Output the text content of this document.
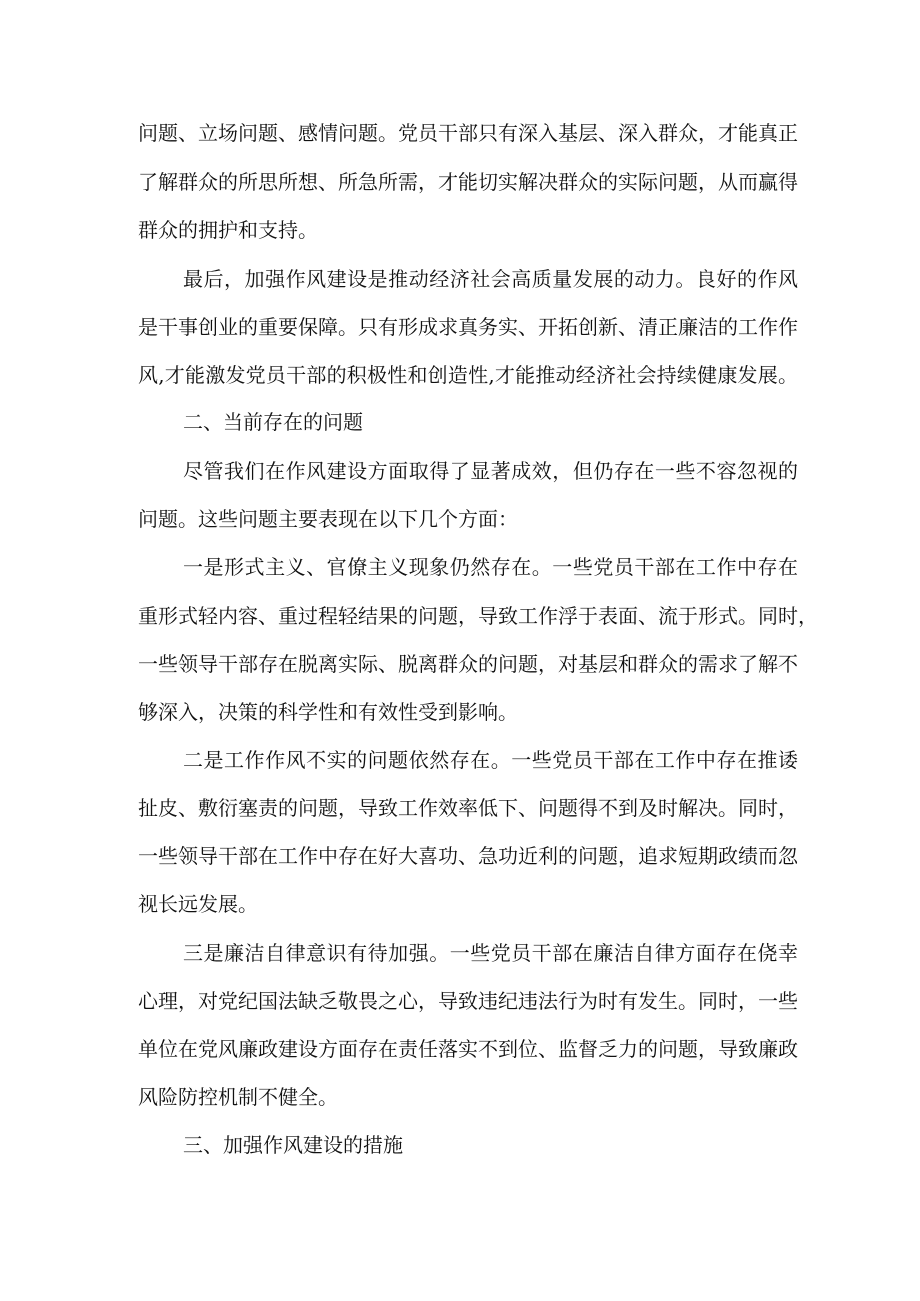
问题、立场问题、感情问题。党员干部只有深入基层、深入群众，才能真正
了解群众的所思所想、所急所需，才能切实解决群众的实际问题，从而赢得
群众的拥护和支持。
最后，加强作风建设是推动经济社会高质量发展的动力。良好的作风
是干事创业的重要保障。只有形成求真务实、开拓创新、清正廉洁的工作作
风,才能激发党员干部的积极性和创造性,才能推动经济社会持续健康发展。
二、当前存在的问题
尽管我们在作风建设方面取得了显著成效，但仍存在一些不容忽视的
问题。这些问题主要表现在以下几个方面：
一是形式主义、官僚主义现象仍然存在。一些党员干部在工作中存在
重形式轻内容、重过程轻结果的问题，导致工作浮于表面、流于形式。同时，
一些领导干部存在脱离实际、脱离群众的问题，对基层和群众的需求了解不
够深入，决策的科学性和有效性受到影响。
二是工作作风不实的问题依然存在。一些党员干部在工作中存在推诿
扯皮、敷衍塞责的问题，导致工作效率低下、问题得不到及时解决。同时，
一些领导干部在工作中存在好大喜功、急功近利的问题，追求短期政绩而忽
视长远发展。
三是廉洁自律意识有待加强。一些党员干部在廉洁自律方面存在侥幸
心理，对党纪国法缺乏敬畏之心，导致违纪违法行为时有发生。同时，一些
单位在党风廉政建设方面存在责任落实不到位、监督乏力的问题，导致廉政
风险防控机制不健全。
三、加强作风建设的措施
